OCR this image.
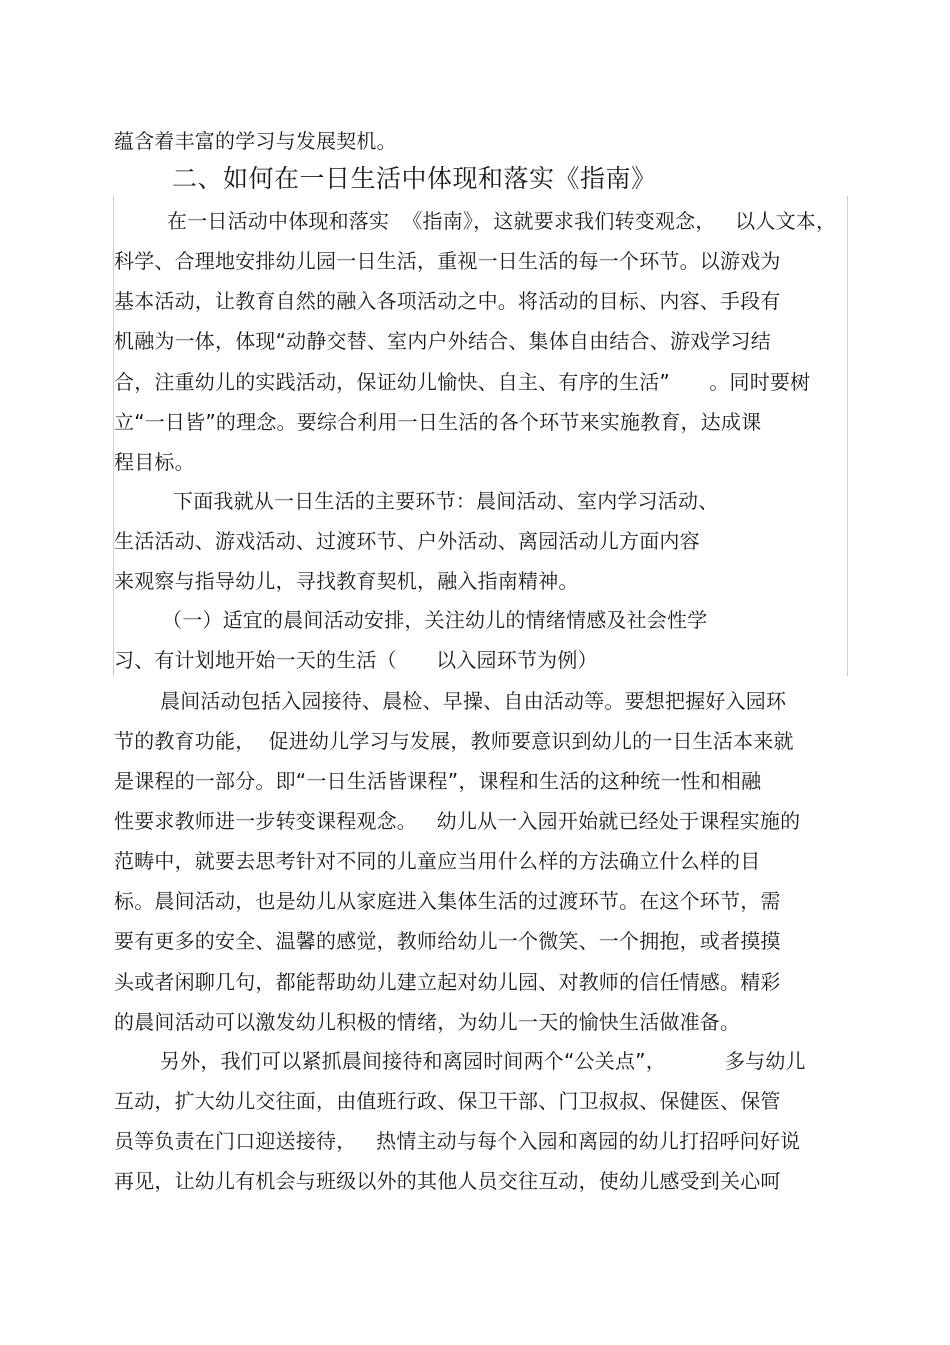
蕴含着丰富的学习与发展契机。
二、如何在一日生活中体现和落实《指南》
在一日活动中体现和落实  《指南》，这就要求我们转变观念，   以人文本，
科学、合理地安排幼儿园一日生活，重视一日生活的每一个环节。以游戏为
基本活动，让教育自然的融入各项活动之中。将活动的目标、内容、手段有
机融为一体，体现“动静交替、室内户外结合、集体自由结合、游戏学习结
合，注重幼儿的实践活动，保证幼儿愉快、自主、有序的生活”      。同时要树
立“一日皆”的理念。要综合利用一日生活的各个环节来实施教育，达成课
程目标。
下面我就从一日生活的主要环节：晨间活动、室内学习活动、
生活活动、游戏活动、过渡环节、户外活动、离园活动儿方面内容
来观察与指导幼儿，寻找教育契机，融入指南精神。
（一）适宜的晨间活动安排，关注幼儿的情绪情感及社会性学
习、有计划地开始一天的生活（      以入园环节为例）
晨间活动包括入园接待、晨检、早操、自由活动等。要想把握好入园环
节的教育功能，  促进幼儿学习与发展，教师要意识到幼儿的一日生活本来就
是课程的一部分。即“一日生活皆课程”，课程和生活的这种统一性和相融
性要求教师进一步转变课程观念。   幼儿从一入园开始就已经处于课程实施的
范畴中，就要去思考针对不同的儿童应当用什么样的方法确立什么样的目
标。晨间活动，也是幼儿从家庭进入集体生活的过渡环节。在这个环节，需
要有更多的安全、温馨的感觉，教师给幼儿一个微笑、一个拥抱，或者摸摸
头或者闲聊几句，都能帮助幼儿建立起对幼儿园、对教师的信任情感。精彩
的晨间活动可以激发幼儿积极的情绪，为幼儿一天的愉快生活做准备。
另外，我们可以紧抓晨间接待和离园时间两个“公关点”，         多与幼儿
互动，扩大幼儿交往面，由值班行政、保卫干部、门卫叔叔、保健医、保管
员等负责在门口迎送接待，   热情主动与每个入园和离园的幼儿打招呼问好说
再见，让幼儿有机会与班级以外的其他人员交往互动，使幼儿感受到关心呵
